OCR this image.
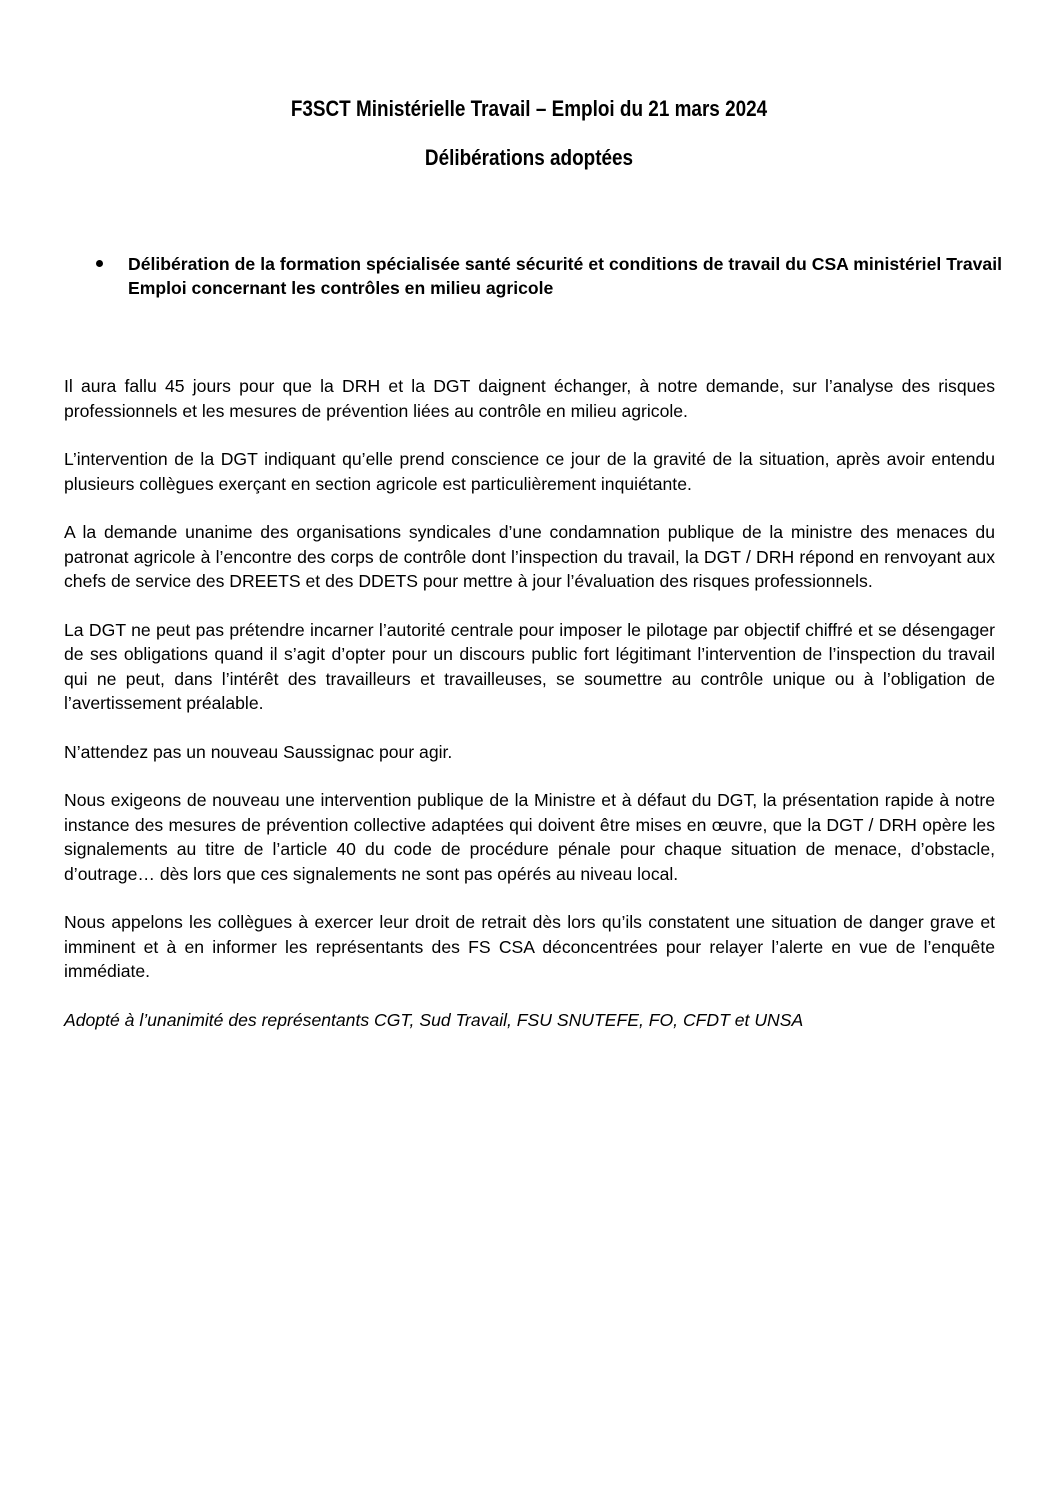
F3SCT Ministérielle Travail – Emploi du 21 mars 2024
Délibérations adoptées

Délibération de la formation spécialisée santé sécurité et conditions de travail du CSA ministériel Travail Emploi concernant les contrôles en milieu agricole

Il aura fallu 45 jours pour que la DRH et la DGT daignent échanger, à notre demande, sur l’analyse des risques professionnels et les mesures de prévention liées au contrôle en milieu agricole.

L’intervention de la DGT indiquant qu’elle prend conscience ce jour de la gravité de la situation, après avoir entendu plusieurs collègues exerçant en section agricole est particulièrement inquiétante.

A la demande unanime des organisations syndicales d’une condamnation publique de la ministre des menaces du patronat agricole à l’encontre des corps de contrôle dont l’inspection du travail, la DGT / DRH répond en renvoyant aux chefs de service des DREETS et des DDETS pour mettre à jour l’évaluation des risques professionnels.

La DGT ne peut pas prétendre incarner l’autorité centrale pour imposer le pilotage par objectif chiffré et se désengager de ses obligations quand il s’agit d’opter pour un discours public fort légitimant l’intervention de l’inspection du travail qui ne peut, dans l’intérêt des travailleurs et travailleuses, se soumettre au contrôle unique ou à l’obligation de l’avertissement préalable.

N’attendez pas un nouveau Saussignac pour agir.

Nous exigeons de nouveau une intervention publique de la Ministre et à défaut du DGT, la présentation rapide à notre instance des mesures de prévention collective adaptées qui doivent être mises en œuvre, que la DGT / DRH opère les signalements au titre de l’article 40 du code de procédure pénale pour chaque situation de menace, d’obstacle, d’outrage… dès lors que ces signalements ne sont pas opérés au niveau local.

Nous appelons les collègues à exercer leur droit de retrait dès lors qu’ils constatent une situation de danger grave et imminent et à en informer les représentants des FS CSA déconcentrées pour relayer l’alerte en vue de l’enquête immédiate.

Adopté à l’unanimité des représentants CGT, Sud Travail, FSU SNUTEFE, FO, CFDT et UNSA
